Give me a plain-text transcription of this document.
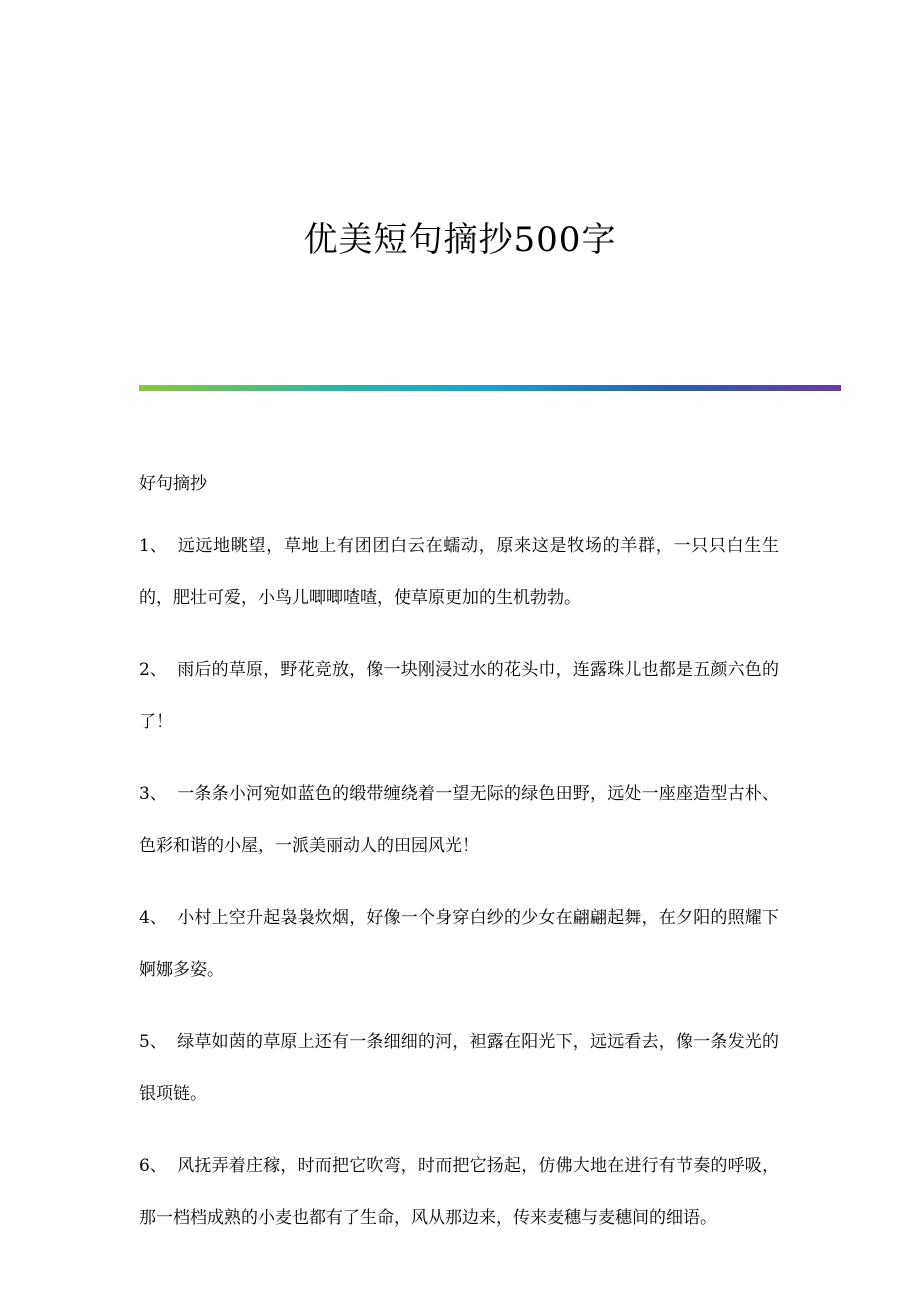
优美短句摘抄500字

好句摘抄

1、 远远地眺望，草地上有团团白云在蠕动，原来这是牧场的羊群，一只只白生生的，肥壮可爱，小鸟儿唧唧喳喳，使草原更加的生机勃勃。

2、 雨后的草原，野花竞放，像一块刚浸过水的花头巾，连露珠儿也都是五颜六色的了！

3、 一条条小河宛如蓝色的缎带缠绕着一望无际的绿色田野，远处一座座造型古朴、色彩和谐的小屋，一派美丽动人的田园风光！

4、 小村上空升起袅袅炊烟，好像一个身穿白纱的少女在翩翩起舞，在夕阳的照耀下婀娜多姿。

5、 绿草如茵的草原上还有一条细细的河，袒露在阳光下，远远看去，像一条发光的银项链。

6、 风抚弄着庄稼，时而把它吹弯，时而把它扬起，仿佛大地在进行有节奏的呼吸，那一档档成熟的小麦也都有了生命，风从那边来，传来麦穗与麦穗间的细语。
